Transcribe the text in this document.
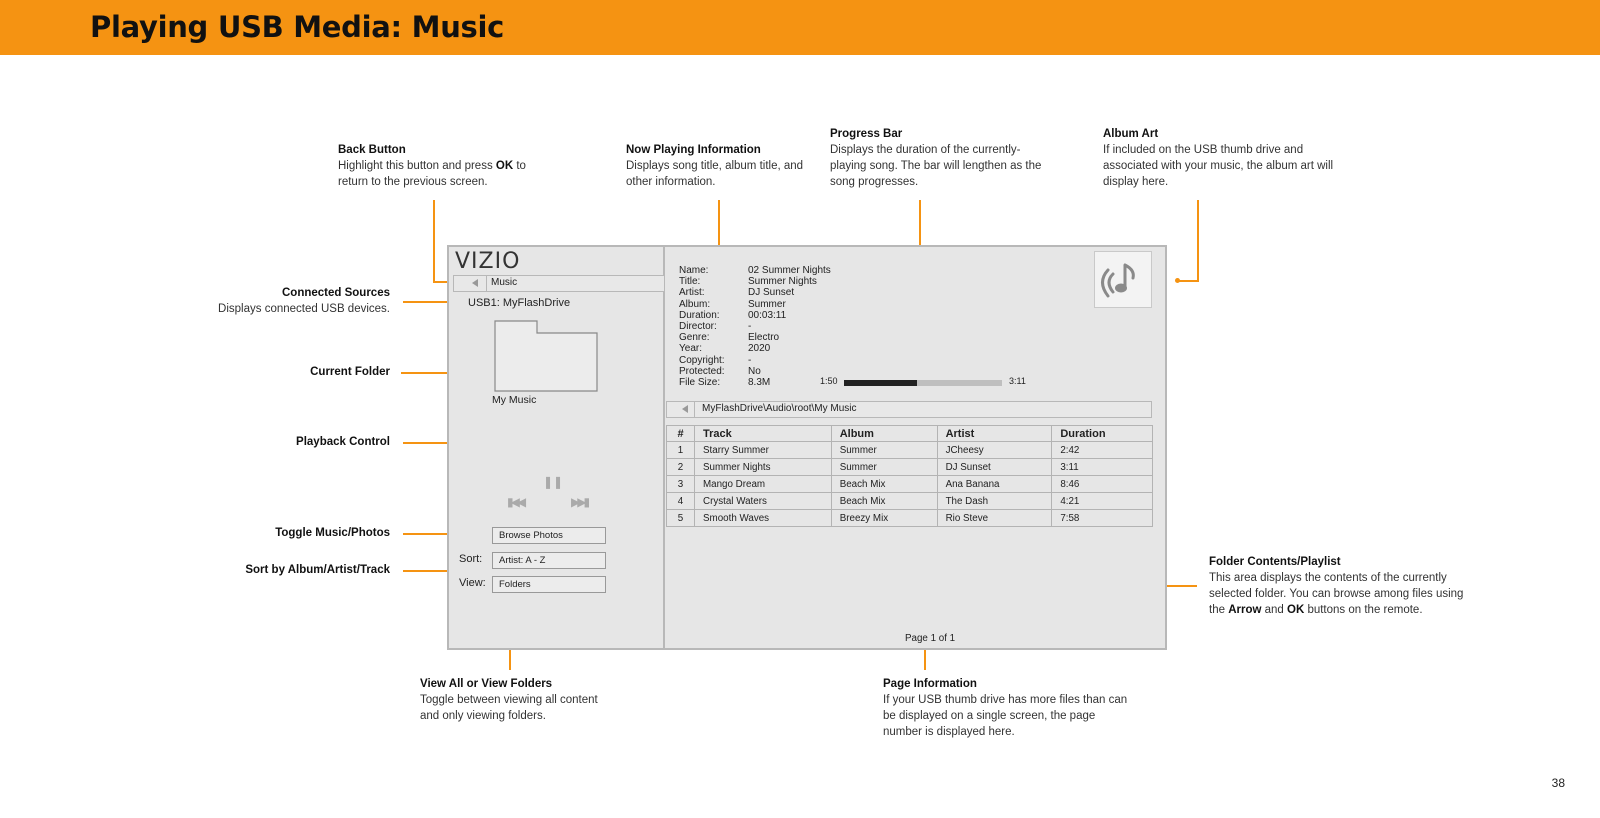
Playing USB Media: Music
Back Button
Highlight this button and press OK to return to the previous screen.
Now Playing Information
Displays song title, album title, and other information.
Progress Bar
Displays the duration of the currently-playing song. The bar will lengthen as the song progresses.
Album Art
If included on the USB thumb drive and associated with your music, the album art will display here.
Connected Sources
Displays connected USB devices.
Current Folder
Playback Control
Toggle Music/Photos
Sort by Album/Artist/Track
View All or View Folders
Toggle between viewing all content and only viewing folders.
Page Information
If your USB thumb drive has more files than can be displayed on a single screen, the page number is displayed here.
Folder Contents/Playlist
This area displays the contents of the currently selected folder. You can browse among files using the Arrow and OK buttons on the remote.
VIZIO
Music
USB1: MyFlashDrive
My Music
❚❚
▮◀◀	▶▶▮
Browse Photos
Sort:	Artist: A - Z
View:	Folders
Name:	02 Summer Nights
Title:	Summer Nights
Artist:	DJ Sunset
Album:	Summer
Duration:	00:03:11
Director:	-
Genre:	Electro
Year:	2020
Copyright:	-
Protected:	No
File Size:	8.3M	1:50	3:11
MyFlashDrive\Audio\root\My Music
#	Track	Album	Artist	Duration
1	Starry Summer	Summer	JCheesy	2:42
2	Summer Nights	Summer	DJ Sunset	3:11
3	Mango Dream	Beach Mix	Ana Banana	8:46
4	Crystal Waters	Beach Mix	The Dash	4:21
5	Smooth Waves	Breezy Mix	Rio Steve	7:58
Page 1 of 1
38
